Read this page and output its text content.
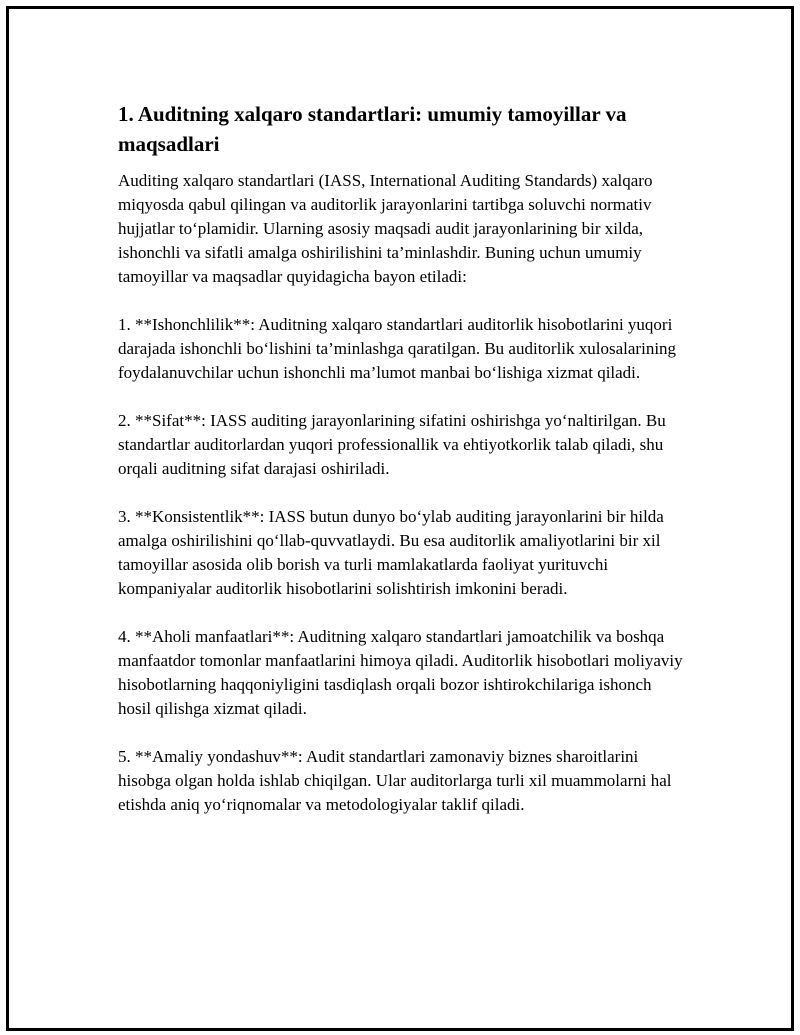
1. Auditning xalqaro standartlari: umumiy tamoyillar va maqsadlari

Auditing xalqaro standartlari (IASS, International Auditing Standards) xalqaro miqyosda qabul qilingan va auditorlik jarayonlarini tartibga soluvchi normativ hujjatlar to‘plamidir. Ularning asosiy maqsadi audit jarayonlarining bir xilda, ishonchli va sifatli amalga oshirilishini ta’minlashdir. Buning uchun umumiy tamoyillar va maqsadlar quyidagicha bayon etiladi:

1. **Ishonchlilik**: Auditning xalqaro standartlari auditorlik hisobotlarini yuqori darajada ishonchli bo‘lishini ta’minlashga qaratilgan. Bu auditorlik xulosalarining foydalanuvchilar uchun ishonchli ma’lumot manbai bo‘lishiga xizmat qiladi.

2. **Sifat**: IASS auditing jarayonlarining sifatini oshirishga yo‘naltirilgan. Bu standartlar auditorlardan yuqori professionallik va ehtiyotkorlik talab qiladi, shu orqali auditning sifat darajasi oshiriladi.

3. **Konsistentlik**: IASS butun dunyo bo‘ylab auditing jarayonlarini bir hilda amalga oshirilishini qo‘llab-quvvatlaydi. Bu esa auditorlik amaliyotlarini bir xil tamoyillar asosida olib borish va turli mamlakatlarda faoliyat yurituvchi kompaniyalar auditorlik hisobotlarini solishtirish imkonini beradi.

4. **Aholi manfaatlari**: Auditning xalqaro standartlari jamoatchilik va boshqa manfaatdor tomonlar manfaatlarini himoya qiladi. Auditorlik hisobotlari moliyaviy hisobotlarning haqqoniyligini tasdiqlash orqali bozor ishtirokchilariga ishonch hosil qilishga xizmat qiladi.

5. **Amaliy yondashuv**: Audit standartlari zamonaviy biznes sharoitlarini hisobga olgan holda ishlab chiqilgan. Ular auditorlarga turli xil muammolarni hal etishda aniq yo‘riqnomalar va metodologiyalar taklif qiladi.
